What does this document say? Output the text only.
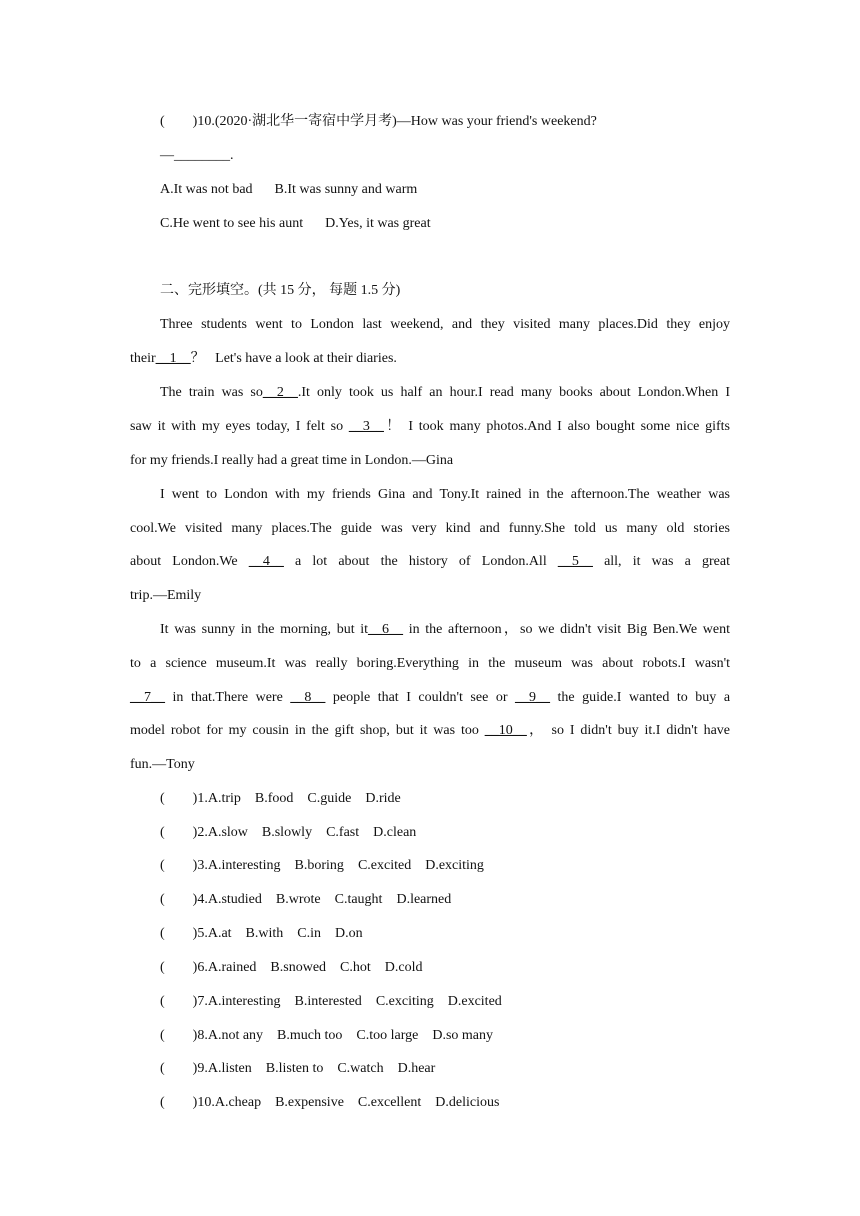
(　　)10.(2020·湖北华一寄宿中学月考)—How was your friend's weekend?
—________.
A.It was not bad B.It was sunny and warm
C.He went to see his aunt D.Yes, it was great
二、完形填空。(共 15 分， 每题 1.5 分)
Three students went to London last weekend, and they visited many places.Did they enjoy
their__1__？   Let's have a look at their diaries.
The train was so__2__.It only took us half an hour.I read many books about London.When I
saw it with my eyes today, I felt so __3__！ I took many photos.And I also bought some nice gifts
for my friends.I really had a great time in London.—Gina
I went to London with my friends Gina and Tony.It rained in the afternoon.The weather was
cool.We visited many places.The guide was very kind and funny.She told us many old stories
about London.We __4__ a lot about the history of London.All __5__ all, it was a great
trip.—Emily
It was sunny in the morning, but it__6__ in the afternoon，so we didn't visit Big Ben.We went
to a science museum.It was really boring.Everything in the museum was about robots.I wasn't
__7__ in that.There were __8__ people that I couldn't see or __9__ the guide.I wanted to buy a
model robot for my cousin in the gift shop, but it was too __10__， so I didn't buy it.I didn't have
fun.—Tony
(　　)1.A.trip B.food C.guide D.ride
(　　)2.A.slow B.slowly C.fast D.clean
(　　)3.A.interesting B.boring C.excited D.exciting
(　　)4.A.studied B.wrote C.taught D.learned
(　　)5.A.at B.with C.in D.on
(　　)6.A.rained B.snowed C.hot D.cold
(　　)7.A.interesting B.interested C.exciting D.excited
(　　)8.A.not any B.much too C.too large D.so many
(　　)9.A.listen B.listen to C.watch D.hear
(　　)10.A.cheap B.expensive C.excellent D.delicious
